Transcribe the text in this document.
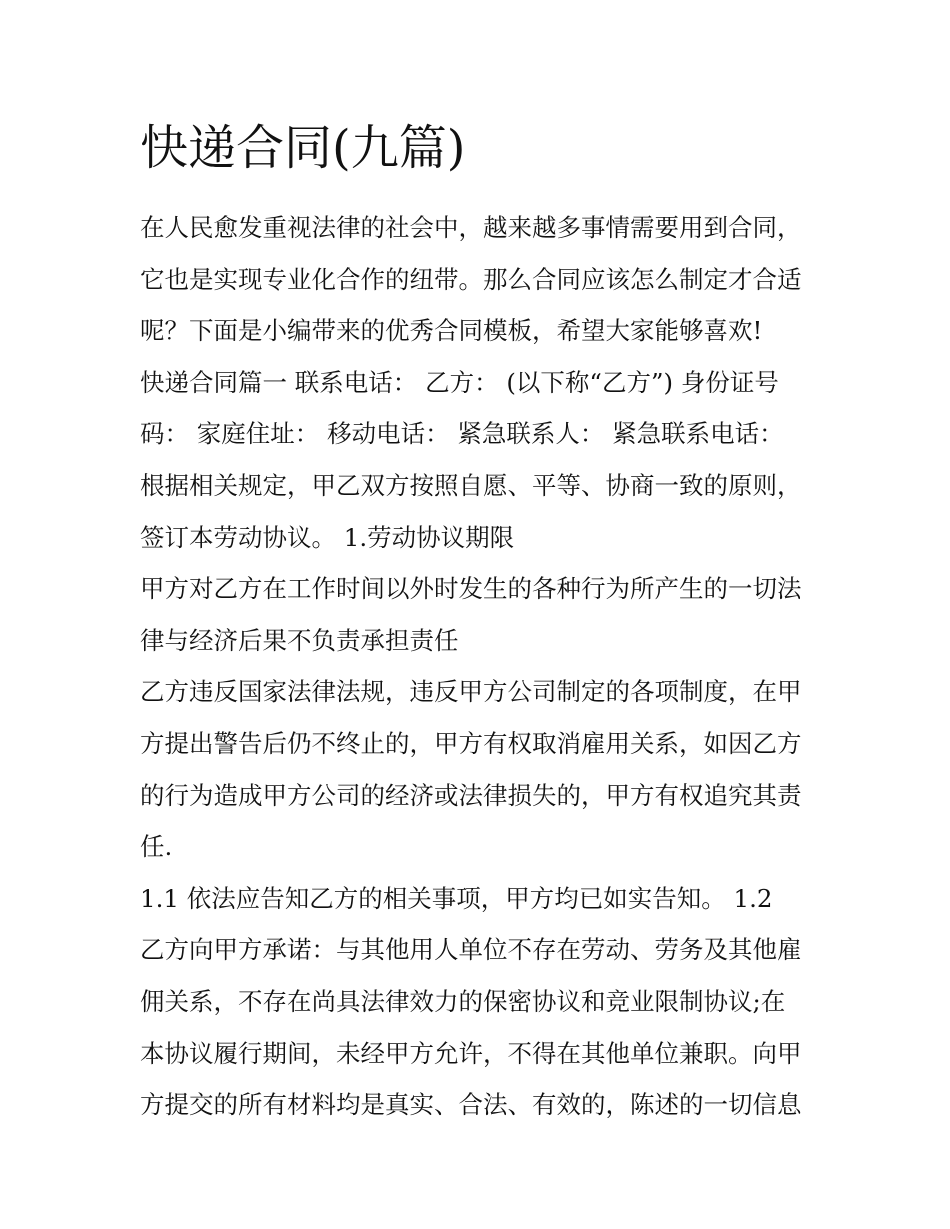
快递合同(九篇)
在人民愈发重视法律的社会中，越来越多事情需要用到合同，
它也是实现专业化合作的纽带。那么合同应该怎么制定才合适
呢？下面是小编带来的优秀合同模板，希望大家能够喜欢!
快递合同篇一 联系电话： 乙方： (以下称“乙方”) 身份证号
码： 家庭住址： 移动电话： 紧急联系人： 紧急联系电话：
根据相关规定，甲乙双方按照自愿、平等、协商一致的原则，
签订本劳动协议。 1.劳动协议期限
甲方对乙方在工作时间以外时发生的各种行为所产生的一切法
律与经济后果不负责承担责任
乙方违反国家法律法规，违反甲方公司制定的各项制度，在甲
方提出警告后仍不终止的，甲方有权取消雇用关系，如因乙方
的行为造成甲方公司的经济或法律损失的，甲方有权追究其责
任.
1.1 依法应告知乙方的相关事项，甲方均已如实告知。 1.2
乙方向甲方承诺：与其他用人单位不存在劳动、劳务及其他雇
佣关系，不存在尚具法律效力的保密协议和竞业限制协议;在
本协议履行期间，未经甲方允许，不得在其他单位兼职。向甲
方提交的所有材料均是真实、合法、有效的，陈述的一切信息
